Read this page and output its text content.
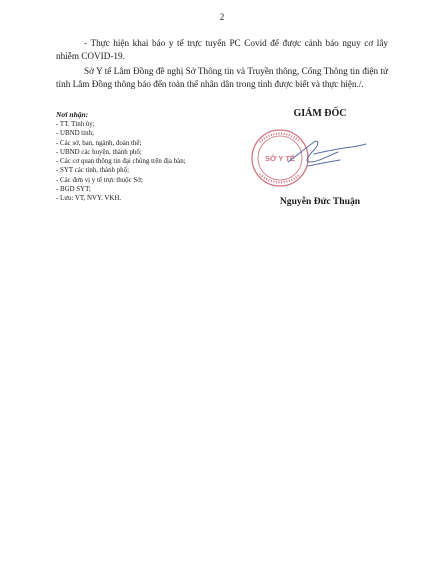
2

- Thực hiện khai báo y tế trực tuyến PC Covid để được cảnh báo nguy cơ lây nhiễm COVID-19.

Sở Y tế Lâm Đồng đề nghị Sở Thông tin và Truyền thông, Cổng Thông tin điện tử tỉnh Lâm Đồng thông báo đến toàn thể nhân dân trong tỉnh được biết và thực hiện./.

Nơi nhận:
- TT. Tỉnh ủy;
- UBND tỉnh;
- Các sở, ban, ngành, đoàn thể;
- UBND các huyện, thành phố;
- Các cơ quan thông tin đại chúng trên địa bàn;
- SYT các tỉnh, thành phố;
- Các đơn vị y tế trực thuộc Sở;
- BGD SYT;
- Lưu: VT, NVY. VKH.
GIÁM ĐỐC
SỞ Y TẾ
Nguyễn Đức Thuận
